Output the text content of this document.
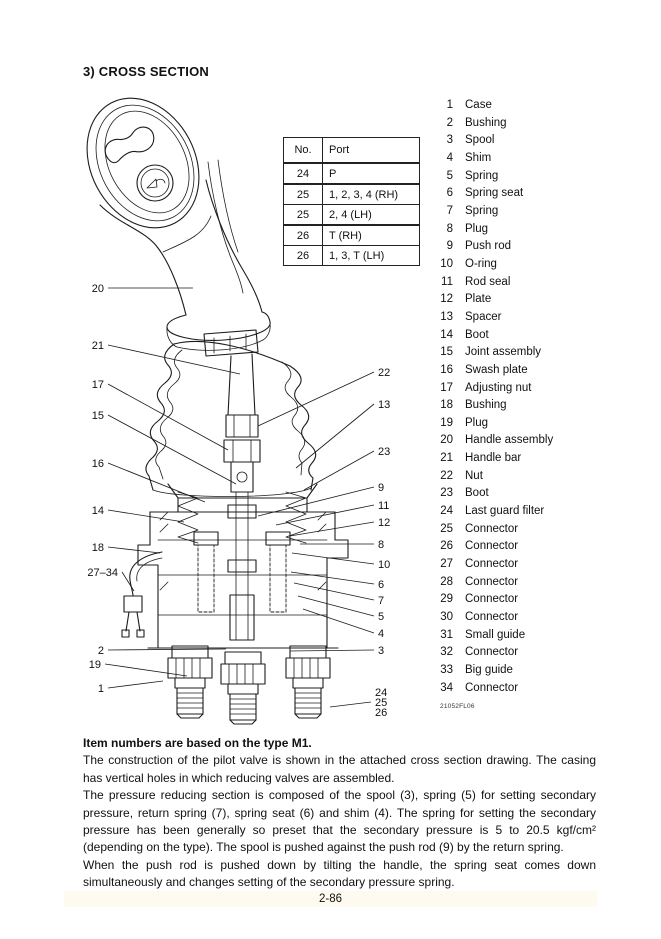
3) CROSS SECTION
20
21
17
15
16
14
18
27–34
2
19
1
22
13
23
9
11
12
8
10
6
7
5
4
3
24
25
26
No.	Port
24	P
25	1, 2, 3, 4 (RH)
25	2, 4 (LH)
26	T (RH)
26	1, 3, T (LH)
1 Case
2 Bushing
3 Spool
4 Shim
5 Spring
6 Spring seat
7 Spring
8 Plug
9 Push rod
10 O-ring
11 Rod seal
12 Plate
13 Spacer
14 Boot
15 Joint assembly
16 Swash plate
17 Adjusting nut
18 Bushing
19 Plug
20 Handle assembly
21 Handle bar
22 Nut
23 Boot
24 Last guard filter
25 Connector
26 Connector
27 Connector
28 Connector
29 Connector
30 Connector
31 Small guide
32 Connector
33 Big guide
34 Connector
21052FL06

Item numbers are based on the type M1.

The construction of the pilot valve is shown in the attached cross section drawing. The casing has vertical holes in which reducing valves are assembled.

The pressure reducing section is composed of the spool (3), spring (5) for setting secondary pressure, return spring (7), spring seat (6) and shim (4). The spring for setting the secondary pressure has been generally so preset that the secondary pressure is 5 to 20.5 kgf/cm² (depending on the type). The spool is pushed against the push rod (9) by the return spring.

When the push rod is pushed down by tilting the handle, the spring seat comes down simultaneously and changes setting of the secondary pressure spring.

2-86
